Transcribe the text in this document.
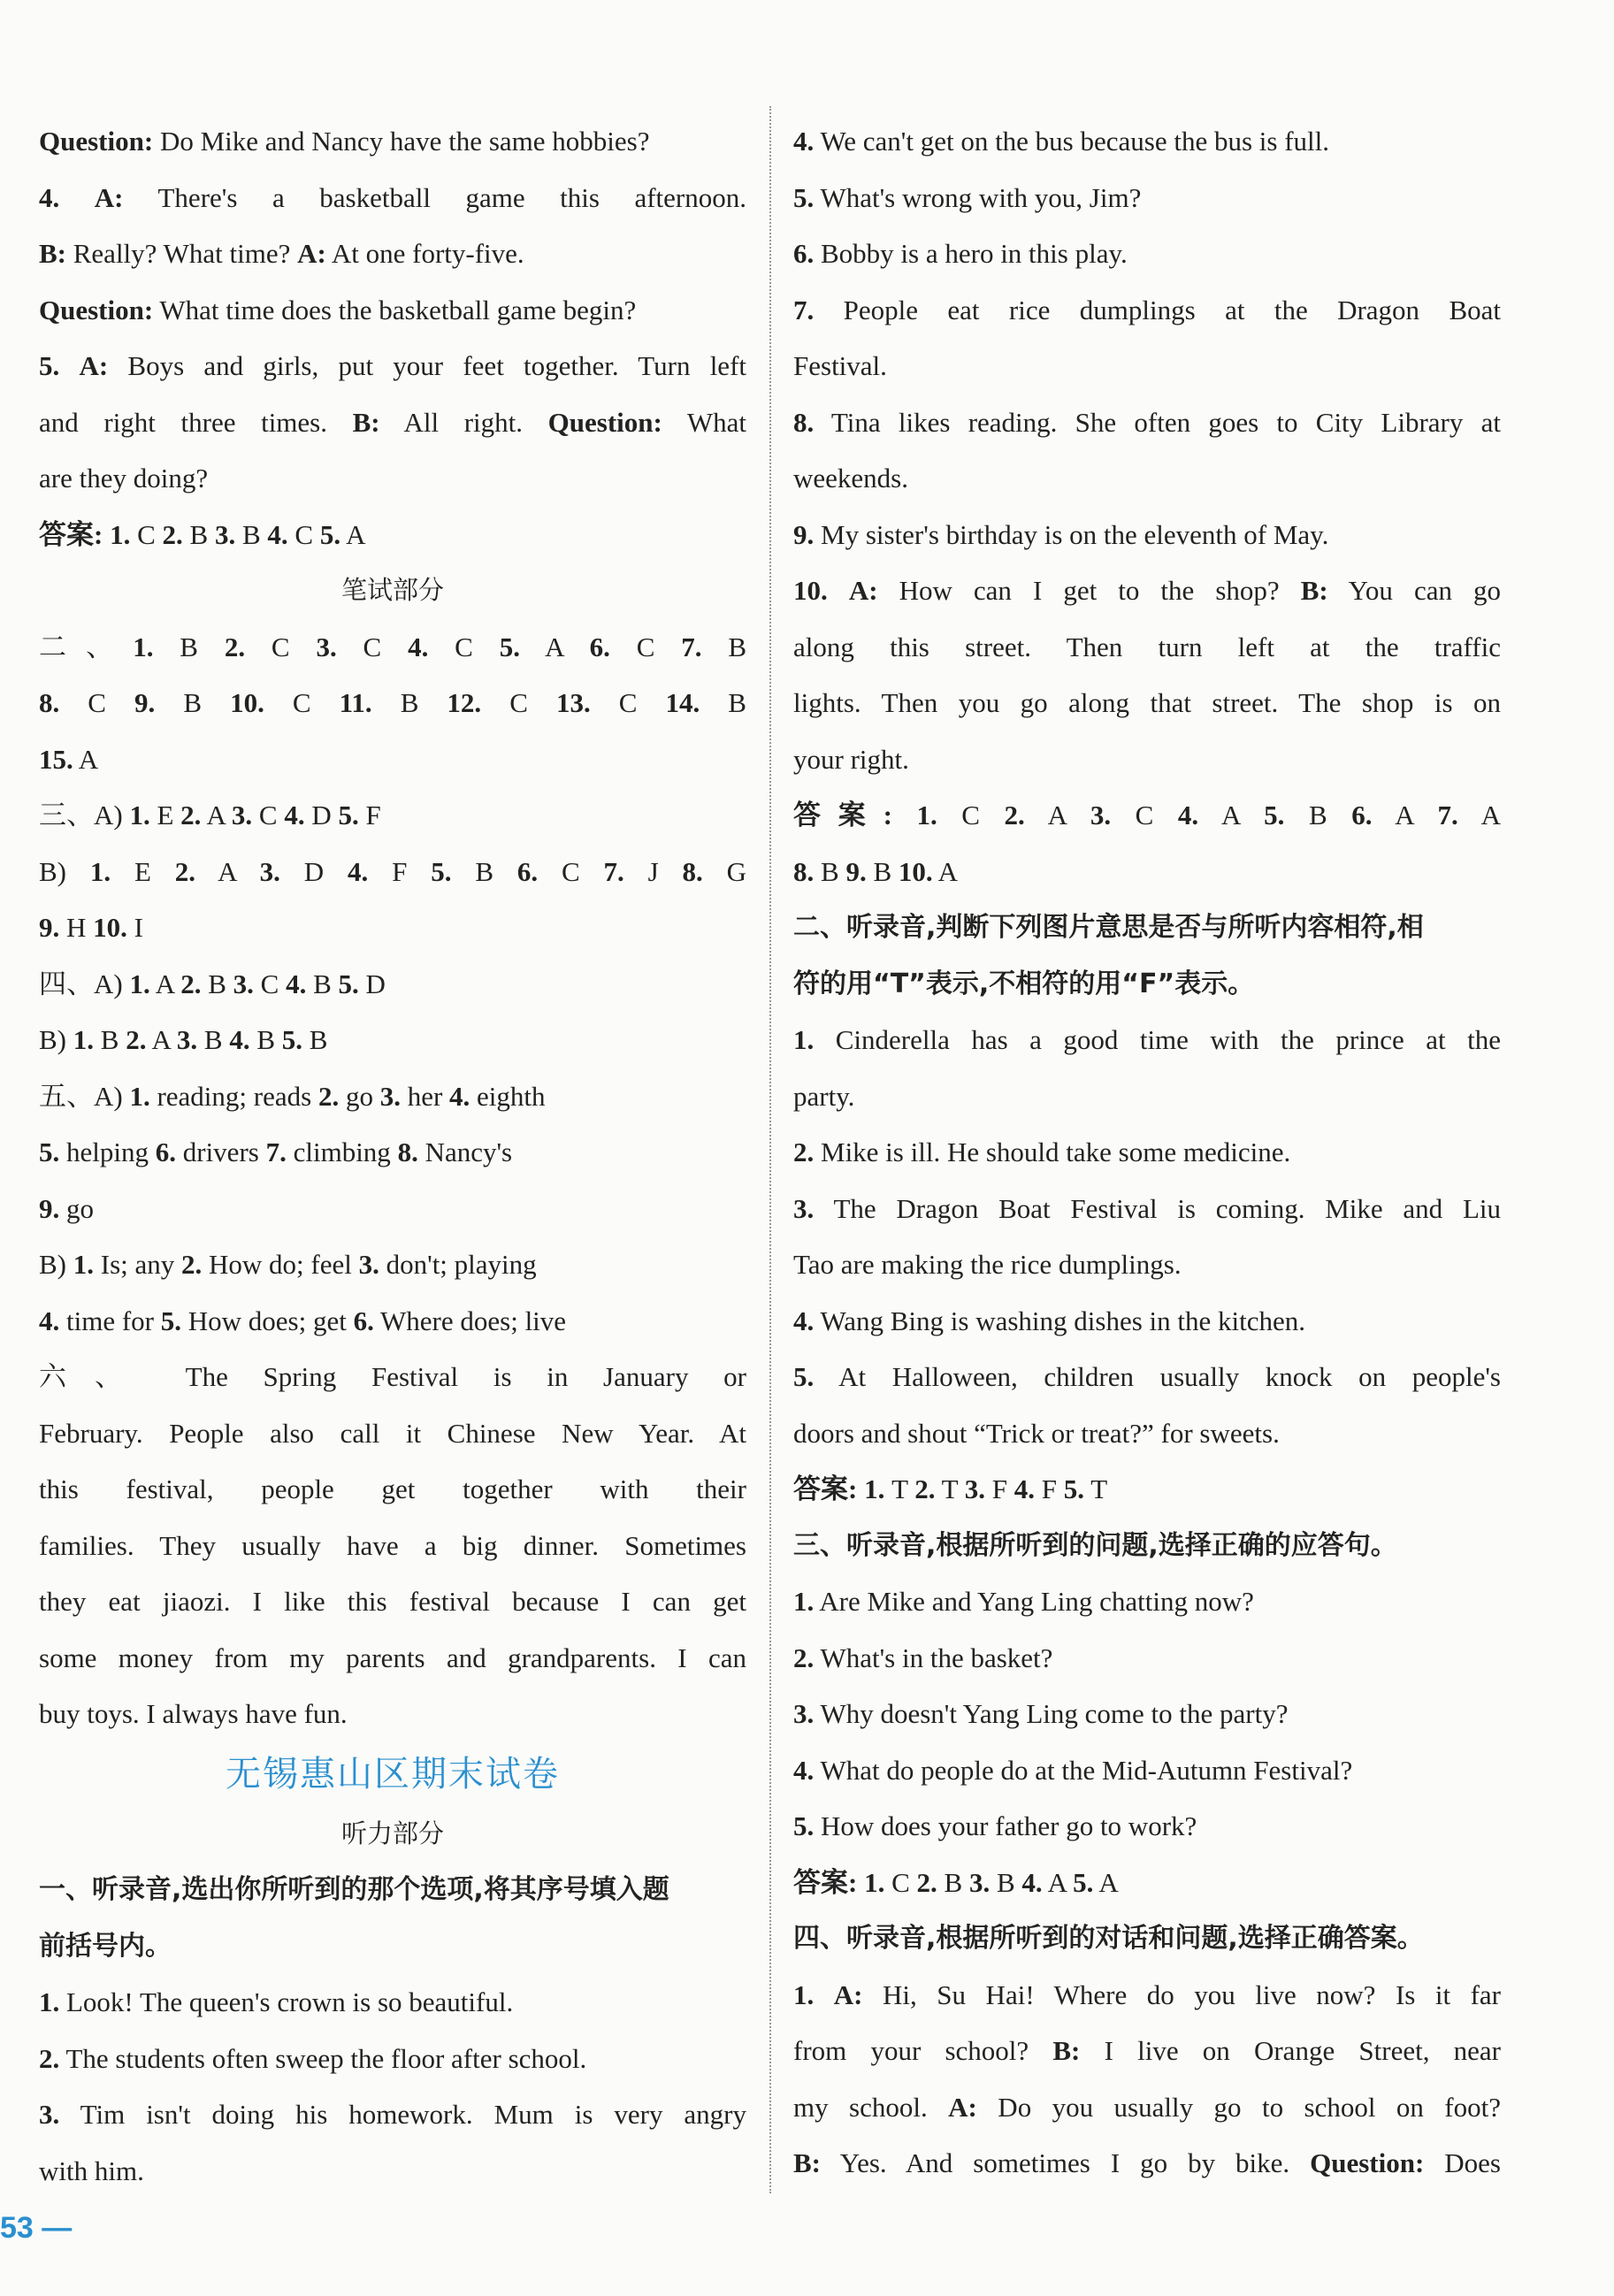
Question: Do Mike and Nancy have the same hobbies?
4. A: There's a basketball game this afternoon.
B: Really? What time? A: At one forty-five.
Question: What time does the basketball game begin?
5. A: Boys and girls, put your feet together. Turn left
and right three times. B: All right. Question: What
are they doing?
答案: 1. C 2. B 3. B 4. C 5. A
笔试部分
二、1. B 2. C 3. C 4. C 5. A 6. C 7. B
8. C 9. B 10. C 11. B 12. C 13. C 14. B
15. A
三、A) 1. E 2. A 3. C 4. D 5. F
B) 1. E 2. A 3. D 4. F 5. B 6. C 7. J 8. G
9. H 10. I
四、A) 1. A 2. B 3. C 4. B 5. D
B) 1. B 2. A 3. B 4. B 5. B
五、A) 1. reading; reads 2. go 3. her 4. eighth
5. helping 6. drivers 7. climbing 8. Nancy's
9. go
B) 1. Is; any 2. How do; feel 3. don't; playing
4. time for 5. How does; get 6. Where does; live
六、 The Spring Festival is in January or
February. People also call it Chinese New Year. At
this festival, people get together with their
families. They usually have a big dinner. Sometimes
they eat jiaozi. I like this festival because I can get
some money from my parents and grandparents. I can
buy toys. I always have fun.
无锡惠山区期末试卷
听力部分
一、听录音,选出你所听到的那个选项,将其序号填入题
前括号内。
1. Look! The queen's crown is so beautiful.
2. The students often sweep the floor after school.
3. Tim isn't doing his homework. Mum is very angry
with him.
4. We can't get on the bus because the bus is full.
5. What's wrong with you, Jim?
6. Bobby is a hero in this play.
7. People eat rice dumplings at the Dragon Boat
Festival.
8. Tina likes reading. She often goes to City Library at
weekends.
9. My sister's birthday is on the eleventh of May.
10. A: How can I get to the shop? B: You can go
along this street. Then turn left at the traffic
lights. Then you go along that street. The shop is on
your right.
答案: 1. C 2. A 3. C 4. A 5. B 6. A 7. A
8. B 9. B 10. A
二、听录音,判断下列图片意思是否与所听内容相符,相
符的用“T”表示,不相符的用“F”表示。
1. Cinderella has a good time with the prince at the
party.
2. Mike is ill. He should take some medicine.
3. The Dragon Boat Festival is coming. Mike and Liu
Tao are making the rice dumplings.
4. Wang Bing is washing dishes in the kitchen.
5. At Halloween, children usually knock on people's
doors and shout “Trick or treat?” for sweets.
答案: 1. T 2. T 3. F 4. F 5. T
三、听录音,根据所听到的问题,选择正确的应答句。
1. Are Mike and Yang Ling chatting now?
2. What's in the basket?
3. Why doesn't Yang Ling come to the party?
4. What do people do at the Mid-Autumn Festival?
5. How does your father go to work?
答案: 1. C 2. B 3. B 4. A 5. A
四、听录音,根据所听到的对话和问题,选择正确答案。
1. A: Hi, Su Hai! Where do you live now? Is it far
from your school? B: I live on Orange Street, near
my school. A: Do you usually go to school on foot?
B: Yes. And sometimes I go by bike. Question: Does
53 —
